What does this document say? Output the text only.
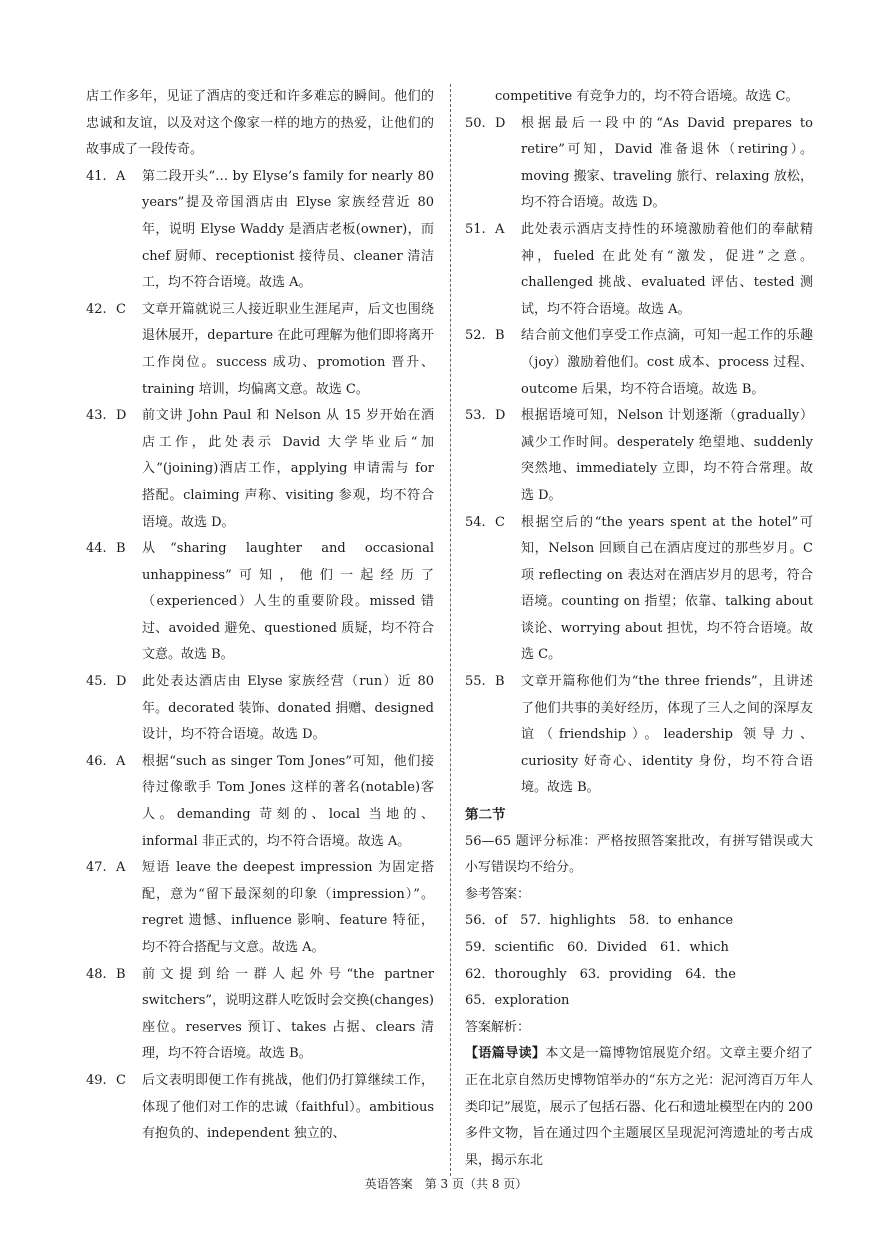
店工作多年，见证了酒店的变迁和许多难忘的瞬间。他们的忠诚和友谊，以及对这个像家一样的地方的热爱，让他们的故事成了一段传奇。

41. A	第二段开头“… by Elyse’s family for nearly 80 years”提及帝国酒店由 Elyse 家族经营近 80 年，说明 Elyse Waddy 是酒店老板(owner)，而 chef 厨师、receptionist 接待员、cleaner 清洁工，均不符合语境。故选 A。
42. C	文章开篇就说三人接近职业生涯尾声，后文也围绕退休展开，departure 在此可理解为他们即将离开工作岗位。success 成功、promotion 晋升、training 培训，均偏离文意。故选 C。
43. D	前文讲 John Paul 和 Nelson 从 15 岁开始在酒店工作，此处表示 David 大学毕业后“加入”(joining)酒店工作，applying 申请需与 for 搭配。claiming 声称、visiting 参观，均不符合语境。故选 D。
44. B	从“sharing laughter and occasional unhappiness”可知，他们一起经历了（experienced）人生的重要阶段。missed 错过、avoided 避免、questioned 质疑，均不符合文意。故选 B。
45. D	此处表达酒店由 Elyse 家族经营（run）近 80 年。decorated 装饰、donated 捐赠、designed 设计，均不符合语境。故选 D。
46. A	根据“such as singer Tom Jones”可知，他们接待过像歌手 Tom Jones 这样的著名(notable)客人。demanding 苛刻的、local 当地的、informal 非正式的，均不符合语境。故选 A。
47. A	短语 leave the deepest impression 为固定搭配，意为“留下最深刻的印象（impression）”。regret 遗憾、influence 影响、feature 特征，均不符合搭配与文意。故选 A。
48. B	前文提到给一群人起外号“the partner switchers”，说明这群人吃饭时会交换(changes)座位。reserves 预订、takes 占据、clears 清理，均不符合语境。故选 B。
49. C	后文表明即便工作有挑战，他们仍打算继续工作，体现了他们对工作的忠诚（faithful）。ambitious 有抱负的、independent 独立的、
competitive 有竞争力的，均不符合语境。故选 C。
50. D	根据最后一段中的“As David prepares to retire”可知，David 准备退休（retiring）。moving 搬家、traveling 旅行、relaxing 放松，均不符合语境。故选 D。
51. A	此处表示酒店支持性的环境激励着他们的奉献精神，fueled 在此处有“激发，促进”之意。challenged 挑战、evaluated 评估、tested 测试，均不符合语境。故选 A。
52. B	结合前文他们享受工作点滴，可知一起工作的乐趣（joy）激励着他们。cost 成本、process 过程、outcome 后果，均不符合语境。故选 B。
53. D	根据语境可知，Nelson 计划逐渐（gradually）减少工作时间。desperately 绝望地、suddenly 突然地、immediately 立即，均不符合常理。故选 D。
54. C	根据空后的“the years spent at the hotel”可知，Nelson 回顾自己在酒店度过的那些岁月。C 项 reflecting on 表达对在酒店岁月的思考，符合语境。counting on 指望；依靠、talking about 谈论、worrying about 担忧，均不符合语境。故选 C。
55. B	文章开篇称他们为“the three friends”，且讲述了他们共事的美好经历，体现了三人之间的深厚友谊（friendship）。leadership 领导力、curiosity 好奇心、identity 身份，均不符合语境。故选 B。

第二节

56—65 题评分标准：严格按照答案批改，有拼写错误或大小写错误均不给分。

参考答案：

56．of　57．highlights　58．to enhance

59．scientific　60．Divided　61．which

62．thoroughly　63．providing　64．the

65．exploration

答案解析：

【语篇导读】本文是一篇博物馆展览介绍。文章主要介绍了正在北京自然历史博物馆举办的“东方之光：泥河湾百万年人类印记”展览，展示了包括石器、化石和遗址模型在内的 200 多件文物，旨在通过四个主题展区呈现泥河湾遗址的考古成果，揭示东北

英语答案　第 3 页（共 8 页）
